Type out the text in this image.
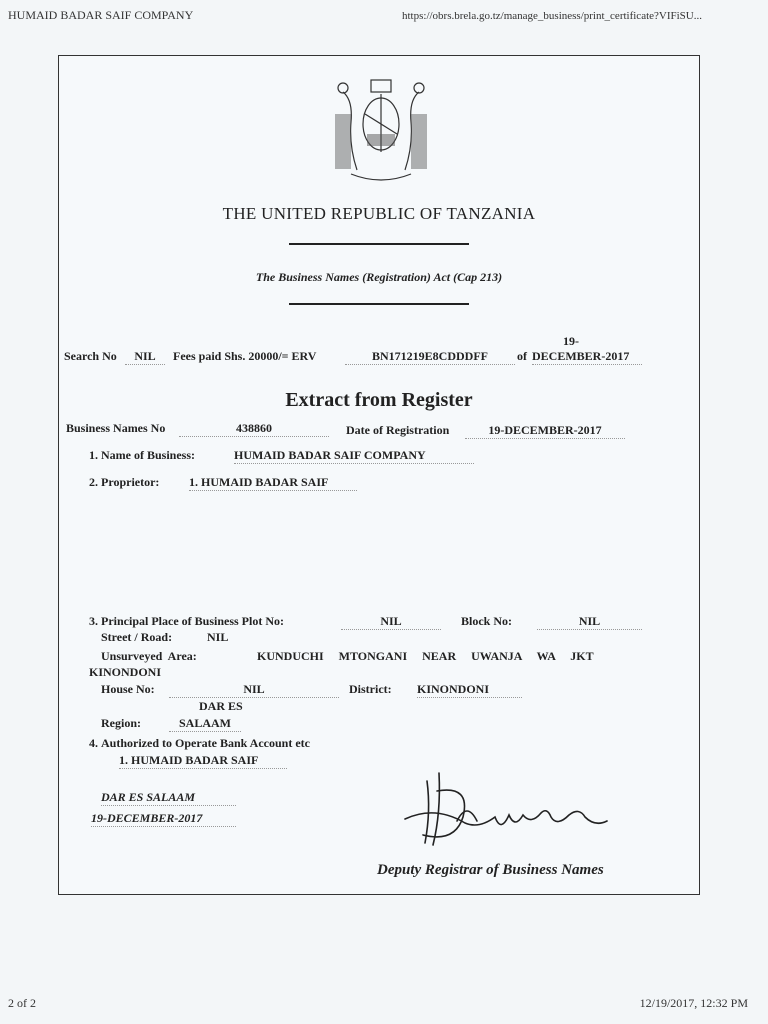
HUMAID BADAR SAIF COMPANY	https://obrs.brela.go.tz/manage_business/print_certificate?VIFiSU...
THE UNITED REPUBLIC OF TANZANIA
The Business Names (Registration) Act (Cap 213)
19-
Search No	NIL	Fees paid Shs. 20000/= ERV	BN171219E8CDDDFF	of DECEMBER-2017
Extract from Register
Business Names No	438860	Date of Registration	19-DECEMBER-2017
1. Name of Business:	HUMAID BADAR SAIF COMPANY
2. Proprietor: 1. HUMAID BADAR SAIF
3. Principal Place of Business Plot No:	NIL	Block No:	NIL
Street / Road:	NIL
Unsurveyed Area:	KUNDUCHI MTONGANI NEAR UWANJA WA JKT
KINONDONI
House No:	NIL	District: KINONDONI
DAR ES
Region:	SALAAM
4. Authorized to Operate Bank Account etc
1. HUMAID BADAR SAIF
DAR ES SALAAM
19-DECEMBER-2017
Deputy Registrar of Business Names
2 of 2	12/19/2017, 12:32 PM
